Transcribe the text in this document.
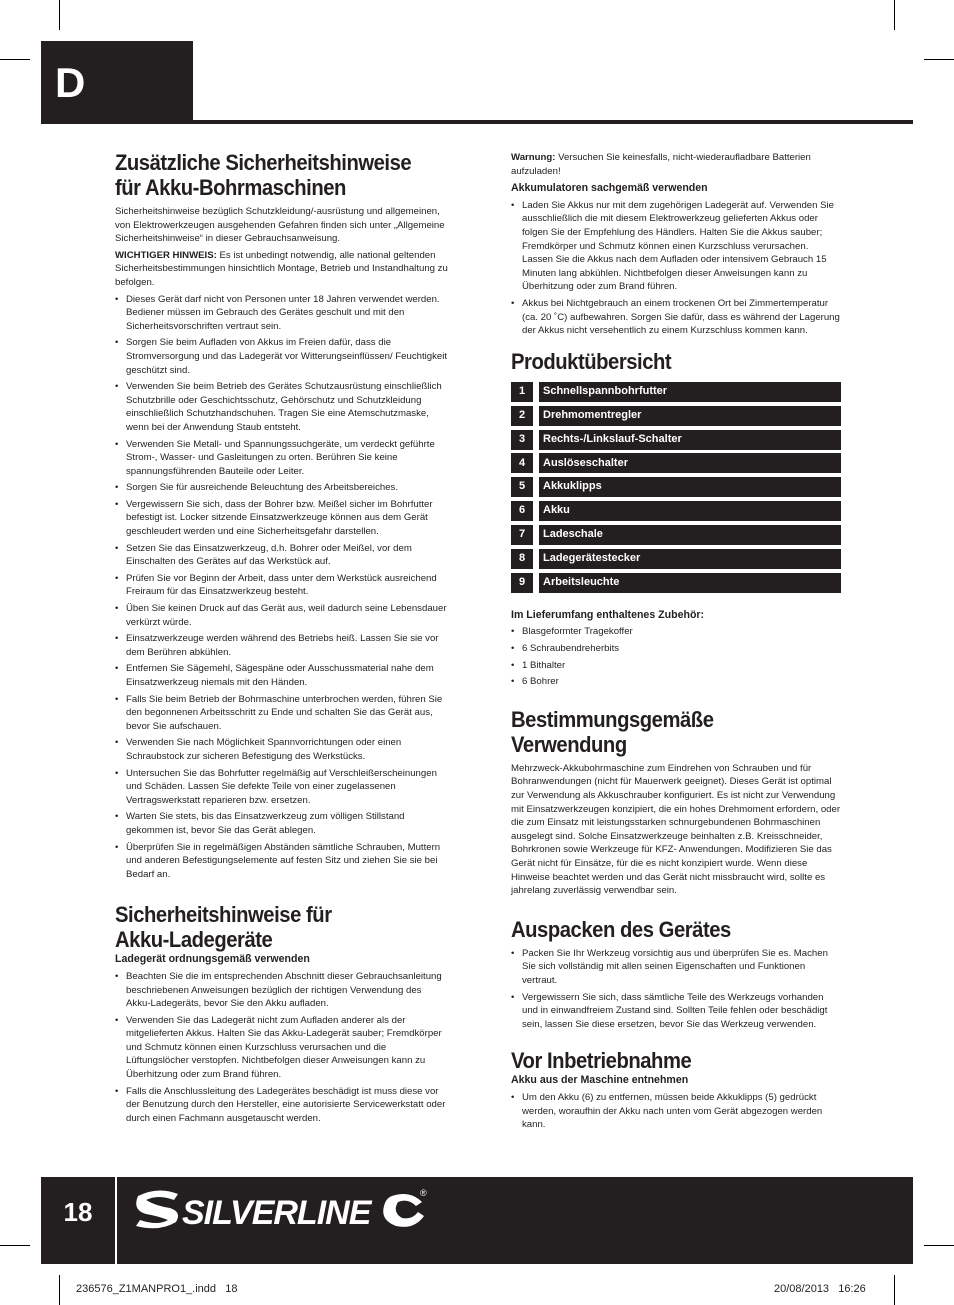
D
Zusätzliche Sicherheitshinweise
für Akku-Bohrmaschinen

Sicherheitshinweise bezüglich Schutzkleidung/-ausrüstung und allgemeinen, von Elektrowerkzeugen ausgehenden Gefahren finden sich unter „Allgemeine Sicherheitshinweise“ in dieser Gebrauchsanweisung.

WICHTIGER HINWEIS: Es ist unbedingt notwendig, alle national geltenden Sicherheitsbestimmungen hinsichtlich Montage, Betrieb und Instandhaltung zu befolgen.

• Dieses Gerät darf nicht von Personen unter 18 Jahren verwendet werden. Bediener müssen im Gebrauch des Gerätes geschult und mit den Sicherheitsvorschriften vertraut sein.
• Sorgen Sie beim Aufladen von Akkus im Freien dafür, dass die Stromversorgung und das Ladegerät vor Witterungseinflüssen/ Feuchtigkeit geschützt sind.
• Verwenden Sie beim Betrieb des Gerätes Schutzausrüstung einschließlich Schutzbrille oder Geschichtsschutz, Gehörschutz und Schutzkleidung einschließlich Schutzhandschuhen. Tragen Sie eine Atemschutzmaske, wenn bei der Anwendung Staub entsteht.
• Verwenden Sie Metall- und Spannungssuchgeräte, um verdeckt geführte Strom-, Wasser- und Gasleitungen zu orten. Berühren Sie keine spannungsführenden Bauteile oder Leiter.
• Sorgen Sie für ausreichende Beleuchtung des Arbeitsbereiches.
• Vergewissern Sie sich, dass der Bohrer bzw. Meißel sicher im Bohrfutter befestigt ist. Locker sitzende Einsatzwerkzeuge können aus dem Gerät geschleudert werden und eine Sicherheitsgefahr darstellen.
• Setzen Sie das Einsatzwerkzeug, d.h. Bohrer oder Meißel, vor dem Einschalten des Gerätes auf das Werkstück auf.
• Prüfen Sie vor Beginn der Arbeit, dass unter dem Werkstück ausreichend Freiraum für das Einsatzwerkzeug besteht.
• Üben Sie keinen Druck auf das Gerät aus, weil dadurch seine Lebensdauer verkürzt würde.
• Einsatzwerkzeuge werden während des Betriebs heiß. Lassen Sie sie vor dem Berühren abkühlen.
• Entfernen Sie Sägemehl, Sägespäne oder Ausschussmaterial nahe dem Einsatzwerkzeug niemals mit den Händen.
• Falls Sie beim Betrieb der Bohrmaschine unterbrochen werden, führen Sie den begonnenen Arbeitsschritt zu Ende und schalten Sie das Gerät aus, bevor Sie aufschauen.
• Verwenden Sie nach Möglichkeit Spannvorrichtungen oder einen Schraubstock zur sicheren Befestigung des Werkstücks.
• Untersuchen Sie das Bohrfutter regelmäßig auf Verschleißerscheinungen und Schäden. Lassen Sie defekte Teile von einer zugelassenen Vertragswerkstatt reparieren bzw. ersetzen.
• Warten Sie stets, bis das Einsatzwerkzeug zum völligen Stillstand gekommen ist, bevor Sie das Gerät ablegen.
• Überprüfen Sie in regelmäßigen Abständen sämtliche Schrauben, Muttern und anderen Befestigungselemente auf festen Sitz und ziehen Sie sie bei Bedarf an.
Sicherheitshinweise für
Akku-Ladegeräte
Ladegerät ordnungsgemäß verwenden
• Beachten Sie die im entsprechenden Abschnitt dieser Gebrauchsanleitung beschriebenen Anweisungen bezüglich der richtigen Verwendung des Akku-Ladegeräts, bevor Sie den Akku aufladen.
• Verwenden Sie das Ladegerät nicht zum Aufladen anderer als der mitgelieferten Akkus. Halten Sie das Akku-Ladegerät sauber; Fremdkörper und Schmutz können einen Kurzschluss verursachen und die Lüftungslöcher verstopfen. Nichtbefolgen dieser Anweisungen kann zu Überhitzung oder zum Brand führen.
• Falls die Anschlussleitung des Ladegerätes beschädigt ist muss diese vor der Benutzung durch den Hersteller, eine autorisierte Servicewerkstatt oder durch einen Fachmann ausgetauscht werden.

Warnung: Versuchen Sie keinesfalls, nicht-wiederaufladbare Batterien aufzuladen!

Akkumulatoren sachgemäß verwenden
• Laden Sie Akkus nur mit dem zugehörigen Ladegerät auf. Verwenden Sie ausschließlich die mit diesem Elektrowerkzeug gelieferten Akkus oder folgen Sie der Empfehlung des Händlers. Halten Sie die Akkus sauber; Fremdkörper und Schmutz können einen Kurzschluss verursachen. Lassen Sie die Akkus nach dem Aufladen oder intensivem Gebrauch 15 Minuten lang abkühlen. Nichtbefolgen dieser Anweisungen kann zu Überhitzung oder zum Brand führen.
• Akkus bei Nichtgebrauch an einem trockenen Ort bei Zimmertemperatur (ca. 20 ˚C) aufbewahren. Sorgen Sie dafür, dass es während der Lagerung der Akkus nicht versehentlich zu einem Kurzschluss kommen kann.
Produktübersicht
1	Schnellspannbohrfutter
2	Drehmomentregler
3	Rechts-/Linkslauf-Schalter
4	Auslöseschalter
5	Akkuklipps
6	Akku
7	Ladeschale
8	Ladegerätestecker
9	Arbeitsleuchte
Im Lieferumfang enthaltenes Zubehör:
• Blasgeformter Tragekoffer
• 6 Schraubendreherbits
• 1 Bithalter
• 6 Bohrer
Bestimmungsgemäße
Verwendung

Mehrzweck-Akkubohrmaschine zum Eindrehen von Schrauben und für Bohranwendungen (nicht für Mauerwerk geeignet). Dieses Gerät ist optimal zur Verwendung als Akkuschrauber konfiguriert. Es ist nicht zur Verwendung mit Einsatzwerkzeugen konzipiert, die ein hohes Drehmoment erfordern, oder die zum Einsatz mit leistungsstarken schnurgebundenen Bohrmaschinen ausgelegt sind. Solche Einsatzwerkzeuge beinhalten z.B. Kreisschneider, Bohrkronen sowie Werkzeuge für KFZ- Anwendungen. Modifizieren Sie das Gerät nicht für Einsätze, für die es nicht konzipiert wurde. Wenn diese Hinweise beachtet werden und das Gerät nicht missbraucht wird, sollte es jahrelang zuverlässig verwendbar sein.

Auspacken des Gerätes
• Packen Sie Ihr Werkzeug vorsichtig aus und überprüfen Sie es. Machen Sie sich vollständig mit allen seinen Eigenschaften und Funktionen vertraut.
• Vergewissern Sie sich, dass sämtliche Teile des Werkzeugs vorhanden und in einwandfreiem Zustand sind. Sollten Teile fehlen oder beschädigt sein, lassen Sie diese ersetzen, bevor Sie das Werkzeug verwenden.
Vor Inbetriebnahme
Akku aus der Maschine entnehmen
• Um den Akku (6) zu entfernen, müssen beide Akkuklipps (5) gedrückt werden, woraufhin der Akku nach unten vom Gerät abgezogen werden kann.
18	SILVERLINE
®
236576_Z1MANPRO1_.indd   18	20/08/2013   16:26
